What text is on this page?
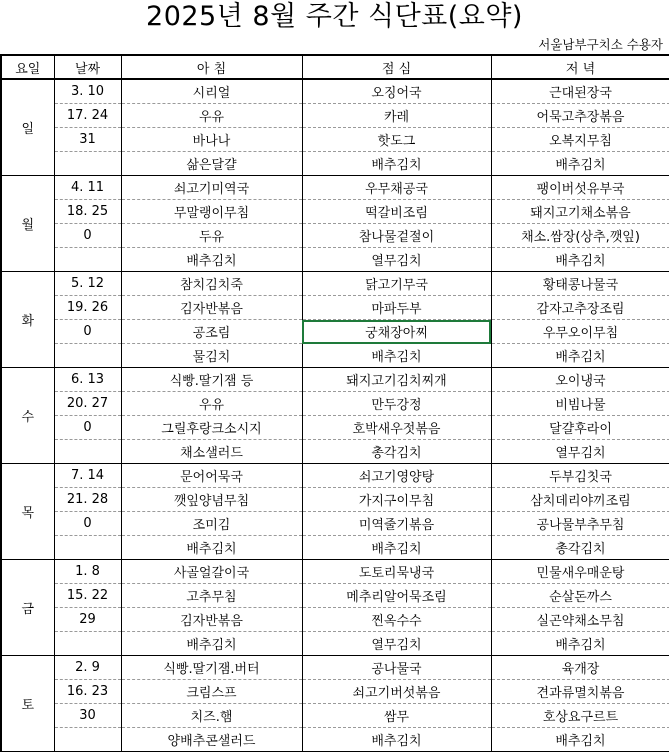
2025년 8월 주간 식단표(요약)
서울남부구치소 수용자
요일	날짜	아 침	점 심	저 녁
일	3. 10	시리얼	오징어국	근대된장국
	17. 24	우유	카레	어묵고추장볶음
	31	바나나	핫도그	오복지무침
		삶은달걀	배추김치	배추김치
월	4. 11	쇠고기미역국	우무채공국	팽이버섯유부국
	18. 25	무말랭이무침	떡갈비조림	돼지고기채소볶음
	0	두유	참나물겉절이	채소.쌈장(상추,깻잎)
		배추김치	열무김치	배추김치
화	5. 12	참치김치죽	닭고기무국	황태콩나물국
	19. 26	김자반볶음	마파두부	감자고추장조림
	0	공조림	궁채장아찌	우무오이무침
		물김치	배추김치	배추김치
수	6. 13	식빵.딸기잼 등	돼지고기김치찌개	오이냉국
	20. 27	우유	만두강정	비빔나물
	0	그릴후랑크소시지	호박새우젓볶음	달걀후라이
		채소샐러드	총각김치	열무김치
목	7. 14	문어어묵국	쇠고기영양탕	두부김칫국
	21. 28	깻잎양념무침	가지구이무침	삼치데리야끼조림
	0	조미김	미역줄기볶음	공나물부추무침
		배추김치	배추김치	총각김치
금	1. 8	사골얼갈이국	도토리묵냉국	민물새우매운탕
	15. 22	고추무침	메추리알어묵조림	순살돈까스
	29	김자반볶음	찐옥수수	실곤약채소무침
		배추김치	열무김치	배추김치
토	2. 9	식빵.딸기잼.버터	공나물국	육개장
	16. 23	크림스프	쇠고기버섯볶음	견과류멸치볶음
	30	치즈.햄	쌈무	호상요구르트
		양배추콘샐러드	배추김치	배추김치
